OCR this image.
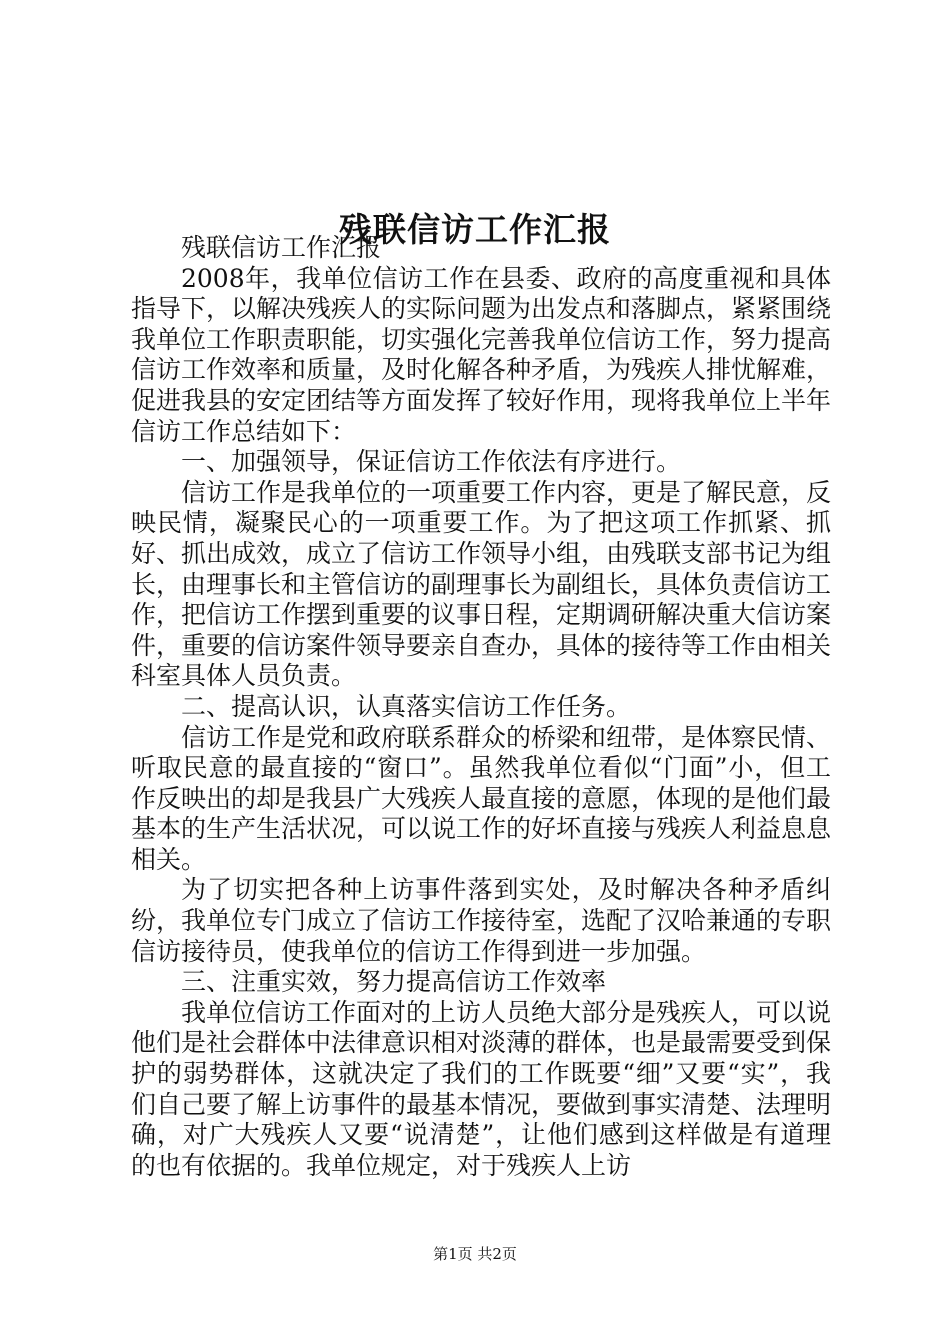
残联信访工作汇报

残联信访工作汇报

2008年，我单位信访工作在县委、政府的高度重视和具体指导下，以解决残疾人的实际问题为出发点和落脚点，紧紧围绕我单位工作职责职能，切实强化完善我单位信访工作，努力提高信访工作效率和质量，及时化解各种矛盾，为残疾人排忧解难，促进我县的安定团结等方面发挥了较好作用，现将我单位上半年信访工作总结如下：

一、加强领导，保证信访工作依法有序进行。

信访工作是我单位的一项重要工作内容，更是了解民意，反映民情，凝聚民心的一项重要工作。为了把这项工作抓紧、抓好、抓出成效，成立了信访工作领导小组，由残联支部书记为组长，由理事长和主管信访的副理事长为副组长，具体负责信访工作，把信访工作摆到重要的议事日程，定期调研解决重大信访案件，重要的信访案件领导要亲自查办，具体的接待等工作由相关科室具体人员负责。

二、提高认识，认真落实信访工作任务。

信访工作是党和政府联系群众的桥梁和纽带，是体察民情、听取民意的最直接的“窗口”。虽然我单位看似“门面”小，但工作反映出的却是我县广大残疾人最直接的意愿，体现的是他们最基本的生产生活状况，可以说工作的好坏直接与残疾人利益息息相关。

为了切实把各种上访事件落到实处，及时解决各种矛盾纠纷，我单位专门成立了信访工作接待室，选配了汉哈兼通的专职信访接待员，使我单位的信访工作得到进一步加强。

三、注重实效，努力提高信访工作效率

我单位信访工作面对的上访人员绝大部分是残疾人，可以说他们是社会群体中法律意识相对淡薄的群体，也是最需要受到保护的弱势群体，这就决定了我们的工作既要“细”又要“实”，我们自己要了解上访事件的最基本情况，要做到事实清楚、法理明确，对广大残疾人又要“说清楚”，让他们感到这样做是有道理的也有依据的。我单位规定，对于残疾人上访

第1页 共2页
